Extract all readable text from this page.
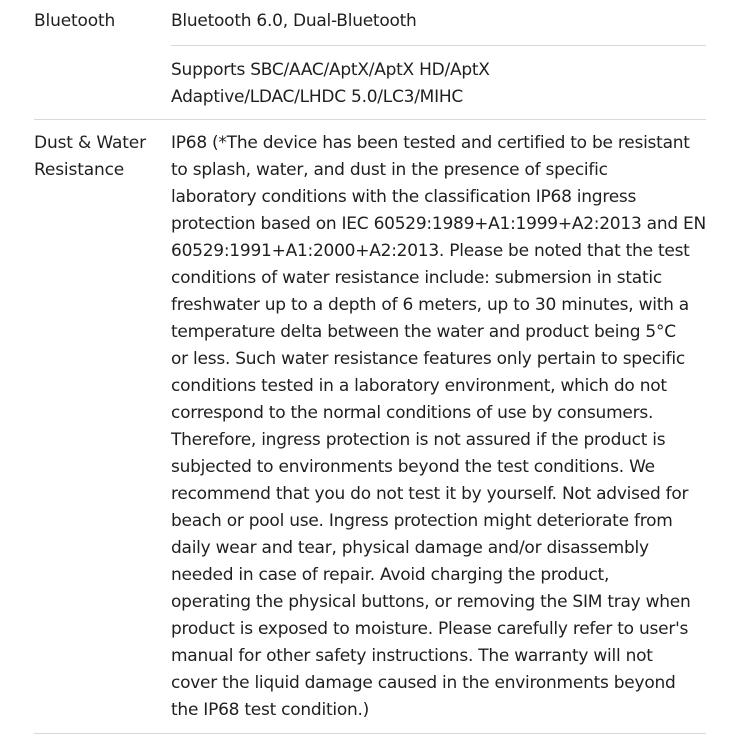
Bluetooth	Bluetooth 6.0, Dual-Bluetooth
Supports SBC/AAC/AptX/AptX HD/AptX
Adaptive/LDAC/LHDC 5.0/LC3/MIHC
Dust & Water
Resistance
IP68 (*The device has been tested and certified to be resistant
to splash, water, and dust in the presence of specific
laboratory conditions with the classification IP68 ingress
protection based on IEC 60529:1989+A1:1999+A2:2013 and EN
60529:1991+A1:2000+A2:2013. Please be noted that the test
conditions of water resistance include: submersion in static
freshwater up to a depth of 6 meters, up to 30 minutes, with a
temperature delta between the water and product being 5°C
or less. Such water resistance features only pertain to specific
conditions tested in a laboratory environment, which do not
correspond to the normal conditions of use by consumers.
Therefore, ingress protection is not assured if the product is
subjected to environments beyond the test conditions. We
recommend that you do not test it by yourself. Not advised for
beach or pool use. Ingress protection might deteriorate from
daily wear and tear, physical damage and/or disassembly
needed in case of repair. Avoid charging the product,
operating the physical buttons, or removing the SIM tray when
product is exposed to moisture. Please carefully refer to user's
manual for other safety instructions. The warranty will not
cover the liquid damage caused in the environments beyond
the IP68 test condition.)
